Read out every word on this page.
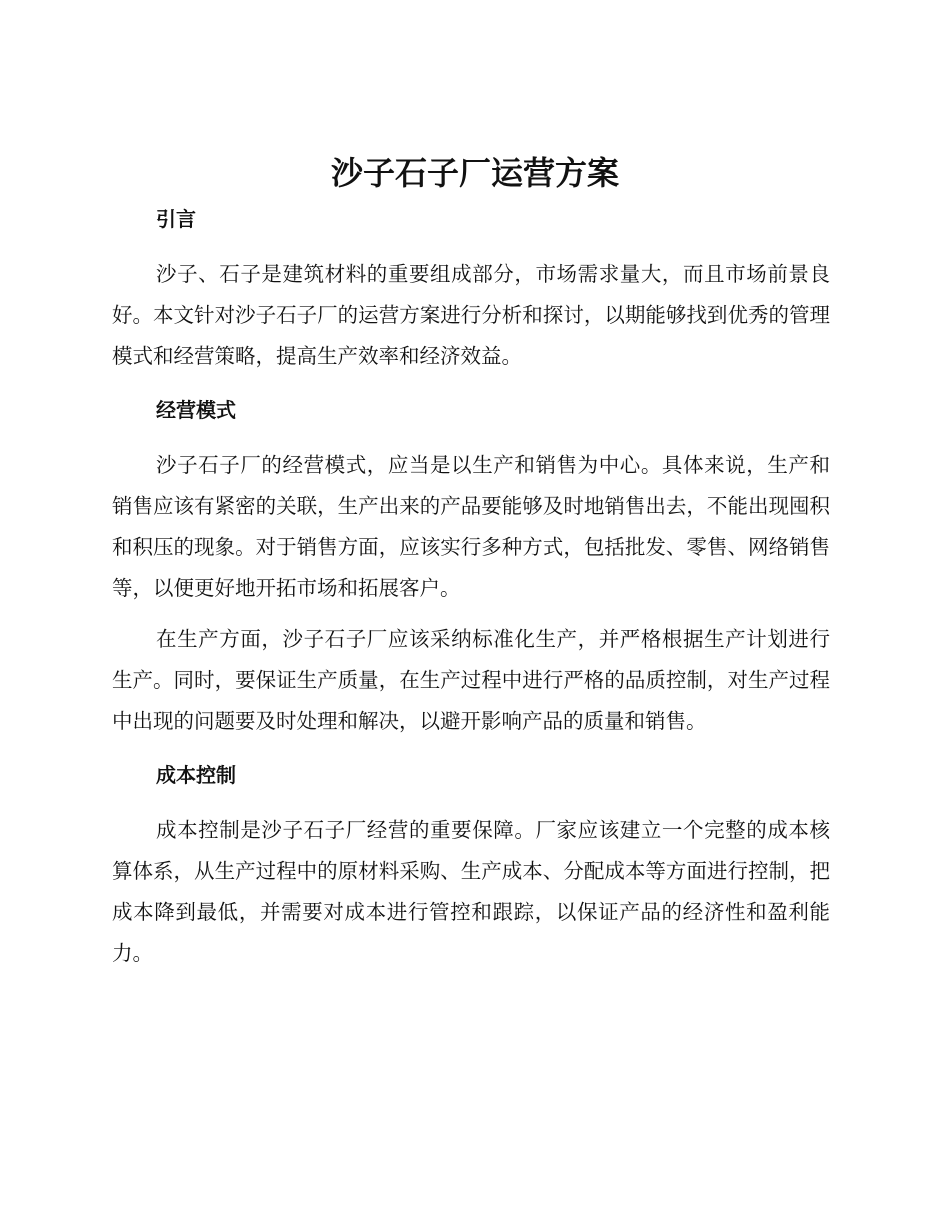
沙子石子厂运营方案
引言

沙子、石子是建筑材料的重要组成部分，市场需求量大，而且市场前景良好。本文针对沙子石子厂的运营方案进行分析和探讨，以期能够找到优秀的管理模式和经营策略，提高生产效率和经济效益。

经营模式

沙子石子厂的经营模式，应当是以生产和销售为中心。具体来说，生产和销售应该有紧密的关联，生产出来的产品要能够及时地销售出去，不能出现囤积和积压的现象。对于销售方面，应该实行多种方式，包括批发、零售、网络销售等，以便更好地开拓市场和拓展客户。

在生产方面，沙子石子厂应该采纳标准化生产，并严格根据生产计划进行生产。同时，要保证生产质量，在生产过程中进行严格的品质控制，对生产过程中出现的问题要及时处理和解决，以避开影响产品的质量和销售。

成本控制

成本控制是沙子石子厂经营的重要保障。厂家应该建立一个完整的成本核算体系，从生产过程中的原材料采购、生产成本、分配成本等方面进行控制，把成本降到最低，并需要对成本进行管控和跟踪，以保证产品的经济性和盈利能力。
